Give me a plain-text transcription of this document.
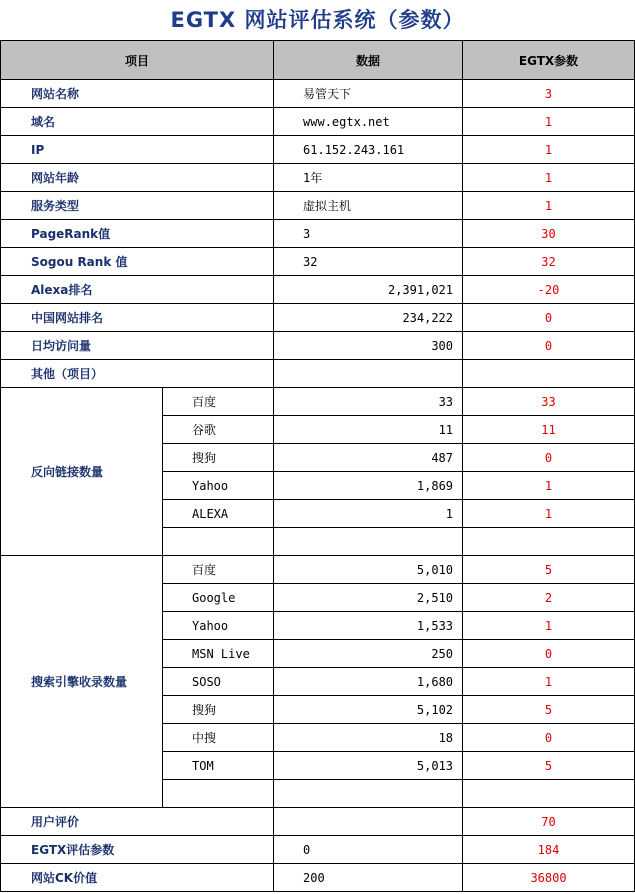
EGTX 网站评估系统（参数）
项目		数据	EGTX参数
网站名称		易管天下	3
域名		www.egtx.net	1
IP		61.152.243.161	1
网站年龄		1年	1
服务类型		虚拟主机	1
PageRank值		3	30
Sogou Rank 值		32	32
Alexa排名		2,391,021	-20
中国网站排名		234,222	0
日均访问量		300	0
其他（项目）			
反向链接数量	百度	33	33
	谷歌	11	11
	搜狗	487	0
	Yahoo	1,869	1
	ALEXA	1	1

搜索引擎收录数量	百度	5,010	5
	Google	2,510	2
	Yahoo	1,533	1
	MSN Live	250	0
	SOSO	1,680	1
	搜狗	5,102	5
	中搜	18	0
	TOM	5,013	5

用户评价			70
EGTX评估参数		0	184
网站CK价值		200	36800
